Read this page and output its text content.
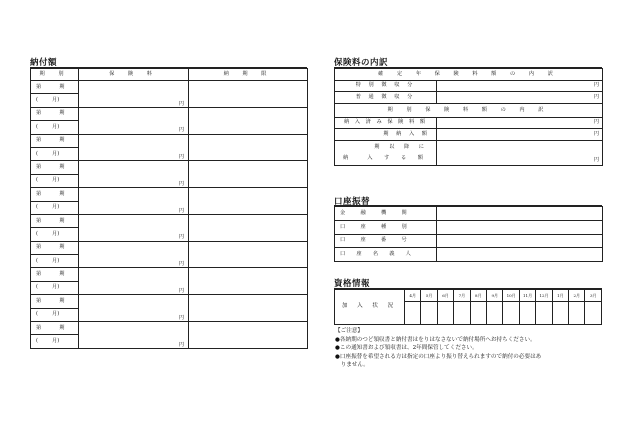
納付額
期 別	保 険 料	納 期 限
第 期	円	
( 月)		
第 期	円	
( 月)		
第 期	円	
( 月)		
第 期	円	
( 月)		
第 期	円	
( 月)		
第 期	円	
( 月)		
第 期	円	
( 月)		
第 期	円	
( 月)		
第 期	円	
( 月)		
第 期	円	
( 月)		
保険料の内訳
確 定 年 保 険 料 額 の 内 訳	
特 別 徴 収 分	円
普 通 徴 収 分	円
期 別 保 険 料 額 の 内 訳	
納 入 済 み 保 険 料 額	円
期 納 入 額	円

期 以 降 に
納 入 す る 額	円
口座振替
金 融 機 関	

口 座 種 別	

口 座 番 号	

口 座 名 義 人	

資格情報
加 入 状 況	4月	5月	6月	7月	8月	9月	10月	11月	12月	1月	2月	3月

【ご注意】
●各納期のつど領収書と納付書はをりはなさないで納付場所へお持ちください。
●この通知書および領収書は、2年間保管してください。
●口座振替を希望される方は指定の口座より振り替えられますので納付の必要はあ
　りません。
